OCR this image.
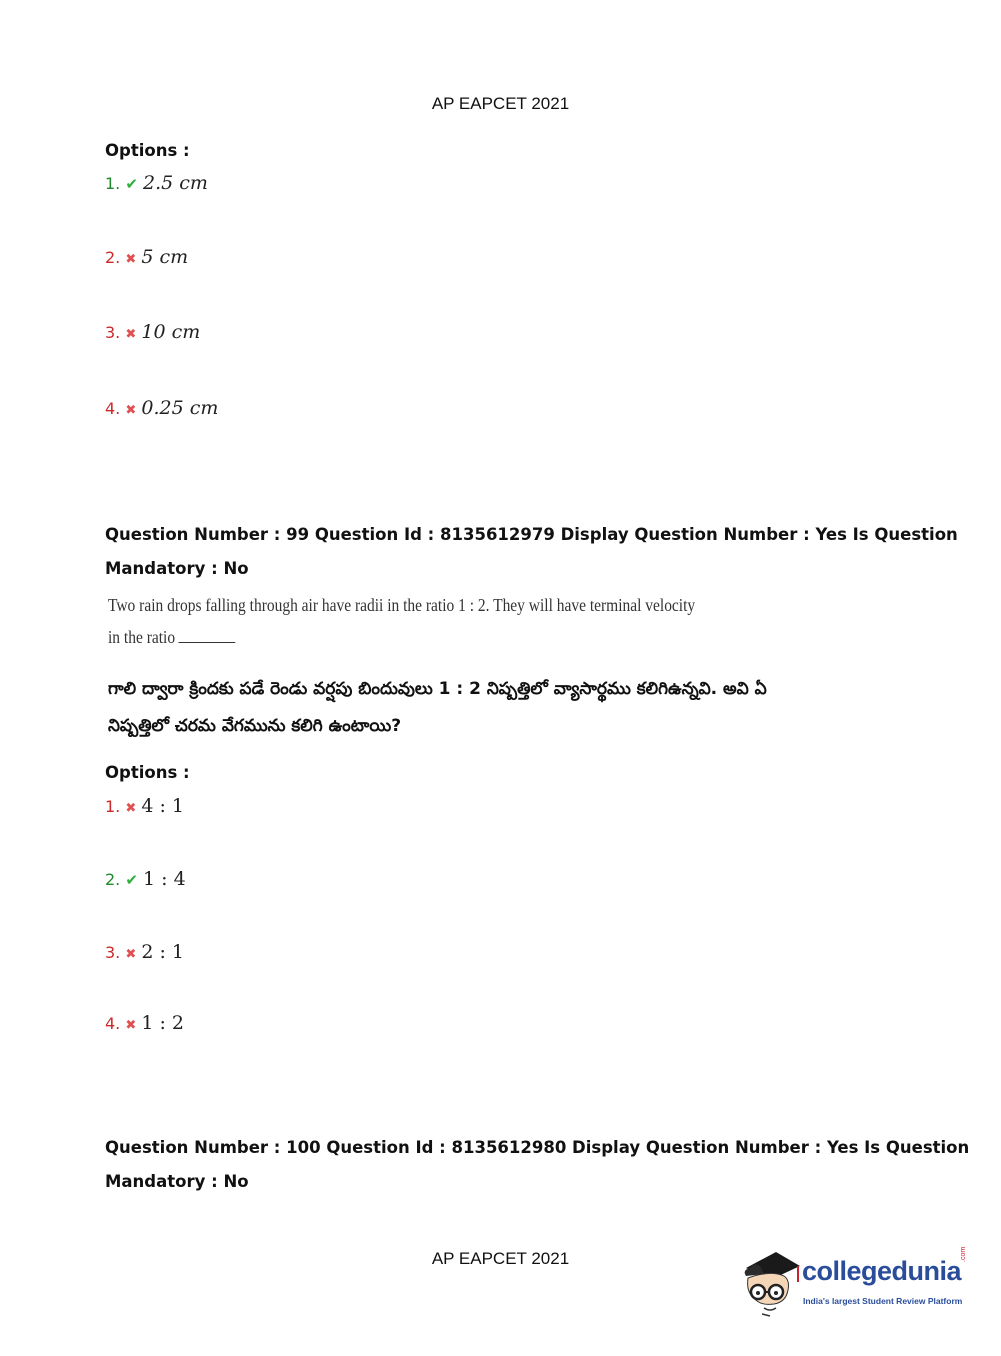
AP EAPCET 2021
Options :
1. ✔ 2.5 cm
2. ✖ 5 cm
3. ✖ 10 cm
4. ✖ 0.25 cm
Question Number : 99 Question Id : 8135612979 Display Question Number : Yes Is Question
Mandatory : No
Two rain drops falling through air have radii in the ratio 1 : 2. They will have terminal velocity
in the ratio
గాలి ద్వారా క్రిందకు పడే రెండు వర్షపు బిందువులు 1 : 2 నిష్పత్తిలో వ్యాసార్థము కలిగిఉన్నవి. అవి ఏ
నిష్పత్తిలో చరమ వేగమును కలిగి ఉంటాయి?
Options :
1. ✖ 4 : 1
2. ✔ 1 : 4
3. ✖ 2 : 1
4. ✖ 1 : 2
Question Number : 100 Question Id : 8135612980 Display Question Number : Yes Is Question
Mandatory : No
AP EAPCET 2021	collegedunia
.com
India's largest Student Review Platform
